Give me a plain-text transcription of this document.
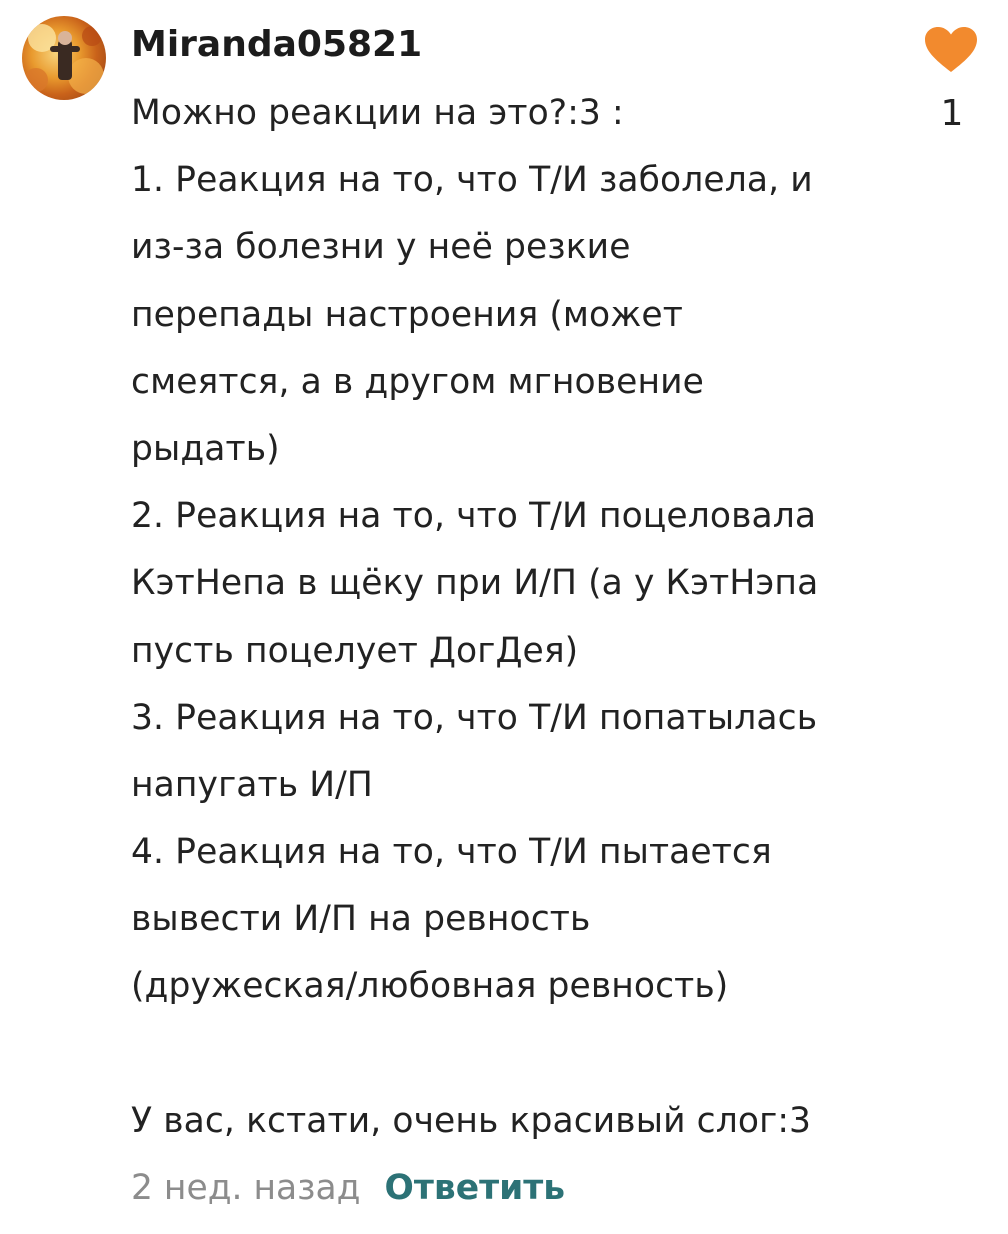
Miranda05821
1
Можно реакции на это?:3 :
1. Реакция на то, что Т/И заболела, и
из-за болезни у неё резкие
перепады настроения (может
смеятся, а в другом мгновение
рыдать)
2. Реакция на то, что Т/И поцеловала
КэтНепа в щёку при И/П (а у КэтНэпа
пусть поцелует ДогДея)
3. Реакция на то, что Т/И попатылась
напугать И/П
4. Реакция на то, что Т/И пытается
вывести И/П на ревность
(дружеская/любовная ревность)
У вас, кстати, очень красивый слог:3
2 нед. назад Ответить
